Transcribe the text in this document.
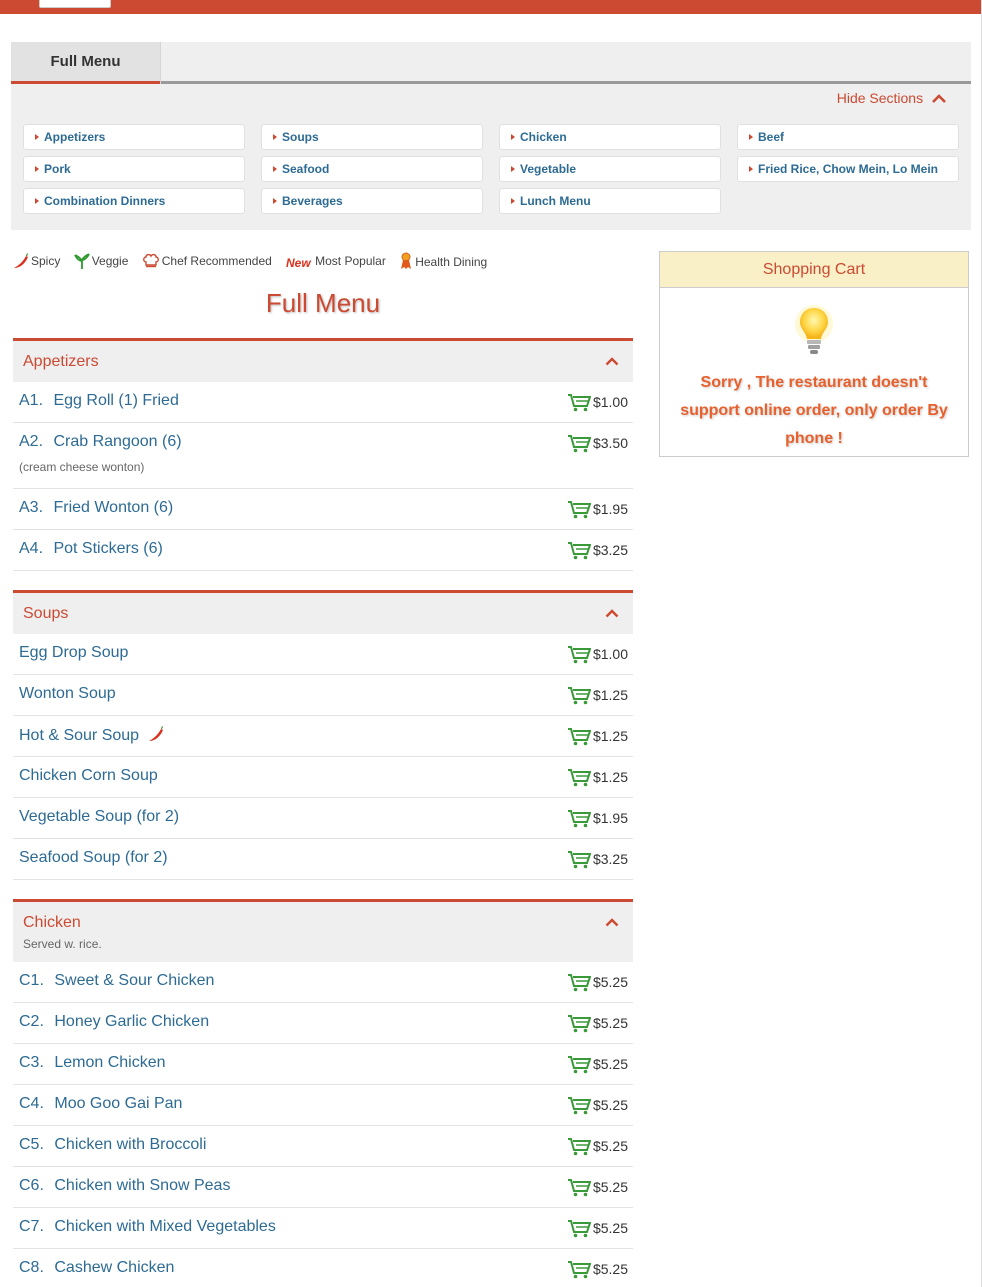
Full Menu
Hide Sections
Appetizers	Soups	Chicken	Beef
Pork	Seafood	Vegetable	Fried Rice, Chow Mein, Lo Mein
Combination Dinners	Beverages	Lunch Menu
Spicy	Veggie	Chef Recommended New Most Popular Health Dining
Full Menu
Appetizers
A1. Egg Roll (1) Fried	$1.00
A2. Crab Rangoon (6)
(cream cheese wonton)
$3.50
A3. Fried Wonton (6)	$1.95
A4. Pot Stickers (6)	$3.25
Soups
Egg Drop Soup	$1.00
Wonton Soup	$1.25
Hot & Sour Soup	$1.25
Chicken Corn Soup	$1.25
Vegetable Soup (for 2)	$1.95
Seafood Soup (for 2)	$3.25
Chicken
Served w. rice.
C1. Sweet & Sour Chicken	$5.25
C2. Honey Garlic Chicken	$5.25
C3. Lemon Chicken	$5.25
C4. Moo Goo Gai Pan	$5.25
C5. Chicken with Broccoli	$5.25
C6. Chicken with Snow Peas	$5.25
C7. Chicken with Mixed Vegetables	$5.25
C8. Cashew Chicken	$5.25
Shopping Cart
Sorry , The restaurant doesn't support online order, only order By phone !
